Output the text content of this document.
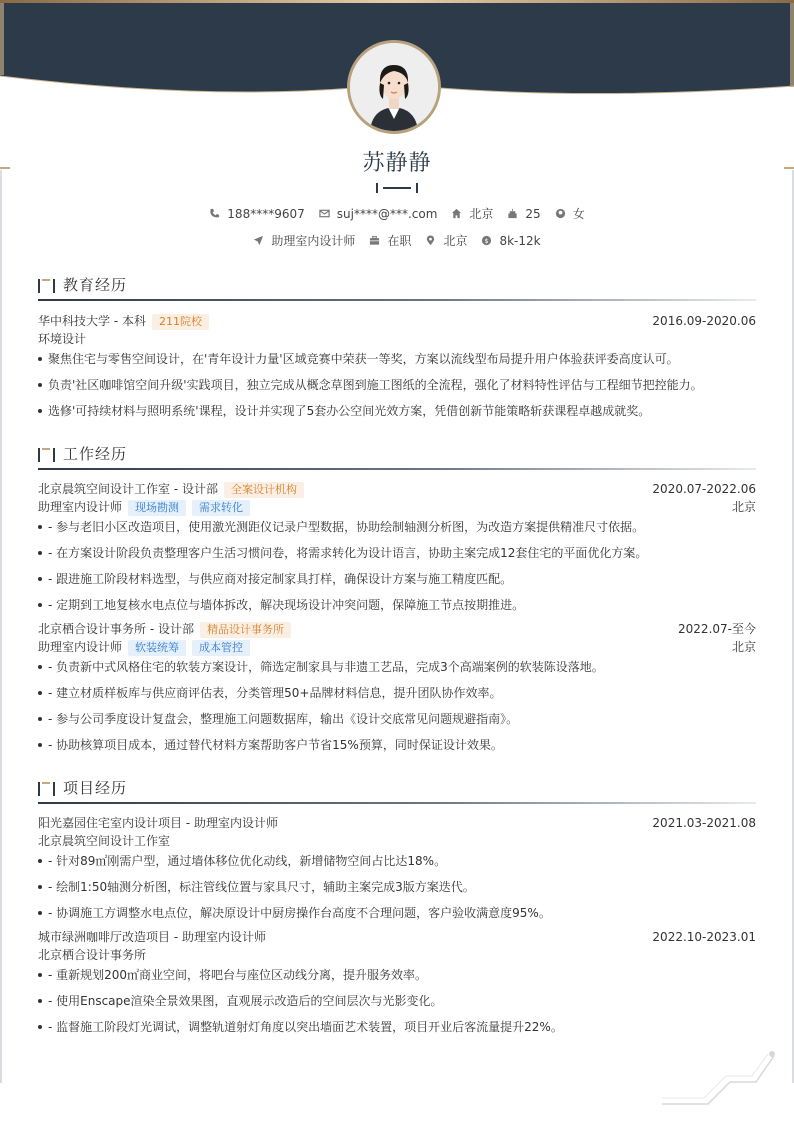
苏静静
188****9607	suj****@***.com	北京	25	女
助理室内设计师	在职	北京 $ 8k-12k
教育经历
华中科技大学 - 本科 211院校	2016.09-2020.06
环境设计
聚焦住宅与零售空间设计，在'青年设计力量'区域竞赛中荣获一等奖，方案以流线型布局提升用户体验获评委高度认可。
负责'社区咖啡馆空间升级'实践项目，独立完成从概念草图到施工图纸的全流程，强化了材料特性评估与工程细节把控能力。
选修'可持续材料与照明系统'课程，设计并实现了5套办公空间光效方案，凭借创新节能策略斩获课程卓越成就奖。
工作经历
北京晨筑空间设计工作室 - 设计部 全案设计机构	2020.07-2022.06
助理室内设计师 现场勘测 需求转化	北京
- 参与老旧小区改造项目，使用激光测距仪记录户型数据，协助绘制轴测分析图，为改造方案提供精准尺寸依据。
- 在方案设计阶段负责整理客户生活习惯问卷，将需求转化为设计语言，协助主案完成12套住宅的平面优化方案。
- 跟进施工阶段材料选型，与供应商对接定制家具打样，确保设计方案与施工精度匹配。
- 定期到工地复核水电点位与墙体拆改，解决现场设计冲突问题，保障施工节点按期推进。
北京栖合设计事务所 - 设计部 精品设计事务所	2022.07-至今
助理室内设计师 软装统筹 成本管控	北京
- 负责新中式风格住宅的软装方案设计，筛选定制家具与非遗工艺品，完成3个高端案例的软装陈设落地。
- 建立材质样板库与供应商评估表，分类管理50+品牌材料信息，提升团队协作效率。
- 参与公司季度设计复盘会，整理施工问题数据库，输出《设计交底常见问题规避指南》。
- 协助核算项目成本，通过替代材料方案帮助客户节省15%预算，同时保证设计效果。
项目经历
阳光嘉园住宅室内设计项目 - 助理室内设计师	2021.03-2021.08
北京晨筑空间设计工作室
- 针对89㎡刚需户型，通过墙体移位优化动线，新增储物空间占比达18%。
- 绘制1:50轴测分析图，标注管线位置与家具尺寸，辅助主案完成3版方案迭代。
- 协调施工方调整水电点位，解决原设计中厨房操作台高度不合理问题，客户验收满意度95%。
城市绿洲咖啡厅改造项目 - 助理室内设计师	2022.10-2023.01
北京栖合设计事务所
- 重新规划200㎡商业空间，将吧台与座位区动线分离，提升服务效率。
- 使用Enscape渲染全景效果图，直观展示改造后的空间层次与光影变化。
- 监督施工阶段灯光调试，调整轨道射灯角度以突出墙面艺术装置，项目开业后客流量提升22%。
